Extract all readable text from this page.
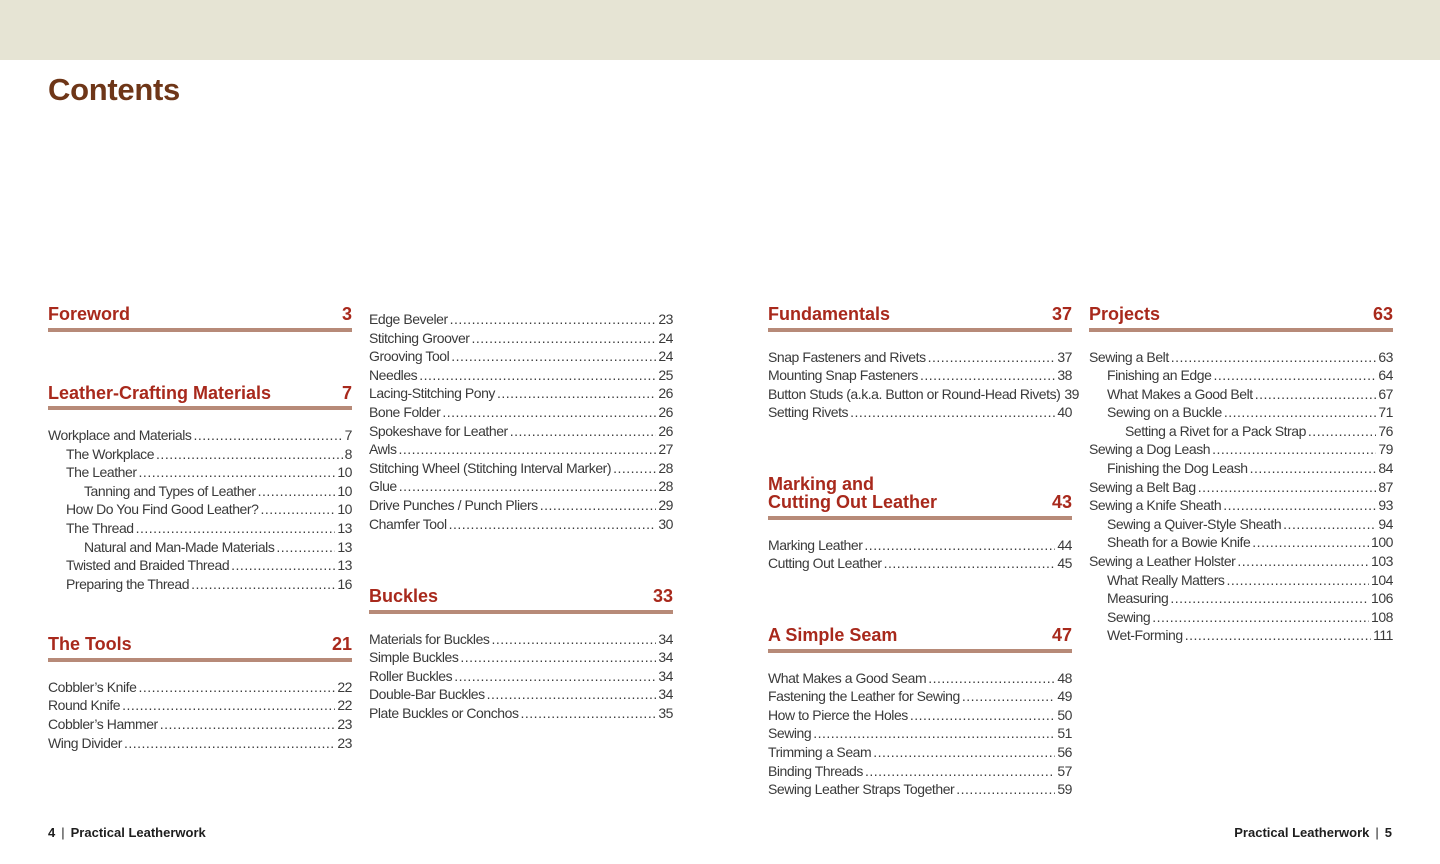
Contents
Foreword	3
Leather-Crafting Materials	7
Workplace and Materials .....	7
The Workplace .....	8
The Leather .....	10
Tanning and Types of Leather .....	10
How Do You Find Good Leather? .....	10
The Thread .....	13
Natural and Man-Made Materials .....	13
Twisted and Braided Thread .....	13
Preparing the Thread .....	16
The Tools	21
Cobbler’s Knife .....	22
Round Knife .....	22
Cobbler’s Hammer .....	23
Wing Divider .....	23
Edge Beveler .....	23
Stitching Groover .....	24
Grooving Tool .....	24
Needles .....	25
Lacing-Stitching Pony .....	26
Bone Folder .....	26
Spokeshave for Leather .....	26
Awls .....	27
Stitching Wheel (Stitching Interval Marker) .....	28
Glue .....	28
Drive Punches / Punch Pliers .....	29
Chamfer Tool .....	30
Buckles	33
Materials for Buckles .....	34
Simple Buckles .....	34
Roller Buckles .....	34
Double-Bar Buckles .....	34
Plate Buckles or Conchos .....	35
Fundamentals	37
Snap Fasteners and Rivets .....	37
Mounting Snap Fasteners .....	38
Button Studs (a.k.a. Button or Round-Head Rivets) 39
Setting Rivets .....	40
Marking and
Cutting Out Leather	43
Marking Leather .....	44
Cutting Out Leather .....	45
A Simple Seam	47
What Makes a Good Seam .....	48
Fastening the Leather for Sewing .....	49
How to Pierce the Holes .....	50
Sewing .....	51
Trimming a Seam .....	56
Binding Threads .....	57
Sewing Leather Straps Together .....	59
Projects	63
Sewing a Belt .....	63
Finishing an Edge .....	64
What Makes a Good Belt .....	67
Sewing on a Buckle .....	71
Setting a Rivet for a Pack Strap .....	76
Sewing a Dog Leash .....	79
Finishing the Dog Leash .....	84
Sewing a Belt Bag .....	87
Sewing a Knife Sheath .....	93
Sewing a Quiver-Style Sheath .....	94
Sheath for a Bowie Knife .....	100
Sewing a Leather Holster .....	103
What Really Matters .....	104
Measuring .....	106
Sewing .....	108
Wet-Forming .....	111
4 | Practical Leatherwork	Practical Leatherwork | 5
